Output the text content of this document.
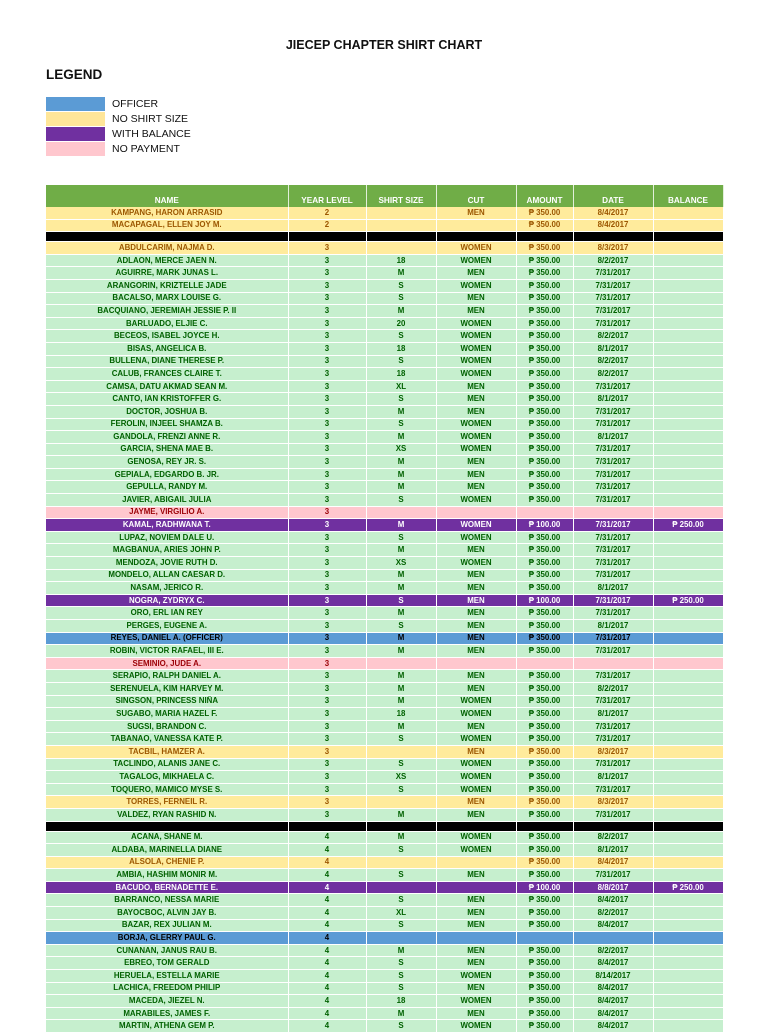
JIECEP CHAPTER SHIRT CHART
LEGEND
OFFICER
NO SHIRT SIZE
WITH BALANCE
NO PAYMENT
NAME	YEAR LEVEL	SHIRT SIZE	CUT	AMOUNT	DATE	BALANCE
KAMPANG, HARON ARRASID	2		MEN	₱ 350.00	8/4/2017	
MACAPAGAL, ELLEN JOY M.	2			₱ 350.00	8/4/2017	

ABDULCARIM, NAJMA D.	3		WOMEN	₱ 350.00	8/3/2017	
ADLAON, MERCE JAEN N.	3	18	WOMEN	₱ 350.00	8/2/2017	
AGUIRRE, MARK JUNAS L.	3	M	MEN	₱ 350.00	7/31/2017	
ARANGORIN, KRIZTELLE JADE	3	S	WOMEN	₱ 350.00	7/31/2017	
BACALSO, MARX LOUISE G.	3	S	MEN	₱ 350.00	7/31/2017	
BACQUIANO, JEREMIAH JESSIE P. II	3	M	MEN	₱ 350.00	7/31/2017	
BARLUADO, ELJIE C.	3	20	WOMEN	₱ 350.00	7/31/2017	
BECEOS, ISABEL JOYCE H.	3	S	WOMEN	₱ 350.00	8/2/2017	
BISAS, ANGELICA B.	3	18	WOMEN	₱ 350.00	8/1/2017	
BULLENA, DIANE THERESE P.	3	S	WOMEN	₱ 350.00	8/2/2017	
CALUB, FRANCES CLAIRE T.	3	18	WOMEN	₱ 350.00	8/2/2017	
CAMSA, DATU AKMAD SEAN M.	3	XL	MEN	₱ 350.00	7/31/2017	
CANTO, IAN KRISTOFFER G.	3	S	MEN	₱ 350.00	8/1/2017	
DOCTOR, JOSHUA B.	3	M	MEN	₱ 350.00	7/31/2017	
FEROLIN, INJEEL SHAMZA B.	3	S	WOMEN	₱ 350.00	7/31/2017	
GANDOLA, FRENZI ANNE R.	3	M	WOMEN	₱ 350.00	8/1/2017	
GARCIA, SHENA MAE B.	3	XS	WOMEN	₱ 350.00	7/31/2017	
GENOSA, REY JR. S.	3	M	MEN	₱ 350.00	7/31/2017	
GEPIALA, EDGARDO B. JR.	3	M	MEN	₱ 350.00	7/31/2017	
GEPULLA, RANDY M.	3	M	MEN	₱ 350.00	7/31/2017	
JAVIER, ABIGAIL JULIA	3	S	WOMEN	₱ 350.00	7/31/2017	
JAYME, VIRGILIO A.	3					
KAMAL, RADHWANA T.	3	M	WOMEN	₱ 100.00	7/31/2017	₱ 250.00
LUPAZ, NOVIEM DALE U.	3	S	WOMEN	₱ 350.00	7/31/2017	
MAGBANUA, ARIES JOHN P.	3	M	MEN	₱ 350.00	7/31/2017	
MENDOZA, JOVIE RUTH D.	3	XS	WOMEN	₱ 350.00	7/31/2017	
MONDELO, ALLAN CAESAR D.	3	M	MEN	₱ 350.00	7/31/2017	
NASAM, JERICO R.	3	M	MEN	₱ 350.00	8/1/2017	
NOGRA, ZYDRYX C.	3	S	MEN	₱ 100.00	7/31/2017	₱ 250.00
ORO, ERL IAN REY	3	M	MEN	₱ 350.00	7/31/2017	
PERGES, EUGENE A.	3	S	MEN	₱ 350.00	8/1/2017	
REYES, DANIEL A. (OFFICER)	3	M	MEN	₱ 350.00	7/31/2017	
ROBIN, VICTOR RAFAEL, III E.	3	M	MEN	₱ 350.00	7/31/2017	
SEMINIO, JUDE A.	3					
SERAPIO, RALPH DANIEL A.	3	M	MEN	₱ 350.00	7/31/2017	
SERENUELA, KIM HARVEY M.	3	M	MEN	₱ 350.00	8/2/2017	
SINGSON, PRINCESS NIÑA	3	M	WOMEN	₱ 350.00	7/31/2017	
SUGABO, MARIA HAZEL F.	3	18	WOMEN	₱ 350.00	8/1/2017	
SUGSI, BRANDON C.	3	M	MEN	₱ 350.00	7/31/2017	
TABANAO, VANESSA KATE P.	3	S	WOMEN	₱ 350.00	7/31/2017	
TACBIL, HAMZER A.	3		MEN	₱ 350.00	8/3/2017	
TACLINDO, ALANIS JANE C.	3	S	WOMEN	₱ 350.00	7/31/2017	
TAGALOG, MIKHAELA C.	3	XS	WOMEN	₱ 350.00	8/1/2017	
TOQUERO, MAMICO MYSE S.	3	S	WOMEN	₱ 350.00	7/31/2017	
TORRES, FERNEIL R.	3		MEN	₱ 350.00	8/3/2017	
VALDEZ, RYAN RASHID N.	3	M	MEN	₱ 350.00	7/31/2017	

ACANA, SHANE M.	4	M	WOMEN	₱ 350.00	8/2/2017	
ALDABA, MARINELLA DIANE	4	S	WOMEN	₱ 350.00	8/1/2017	
ALSOLA, CHENIE P.	4			₱ 350.00	8/4/2017	
AMBIA, HASHIM MONIR M.	4	S	MEN	₱ 350.00	7/31/2017	
BACUDO, BERNADETTE E.	4			₱ 100.00	8/8/2017	₱ 250.00
BARRANCO, NESSA MARIE	4	S	MEN	₱ 350.00	8/4/2017	
BAYOCBOC, ALVIN JAY B.	4	XL	MEN	₱ 350.00	8/2/2017	
BAZAR, REX JULIAN M.	4	S	MEN	₱ 350.00	8/4/2017	
BORJA, GLERRY PAUL G.	4					
CUNANAN, JANUS RAU B.	4	M	MEN	₱ 350.00	8/2/2017	
EBREO, TOM GERALD	4	S	MEN	₱ 350.00	8/4/2017	
HERUELA, ESTELLA MARIE	4	S	WOMEN	₱ 350.00	8/14/2017	
LACHICA, FREEDOM PHILIP	4	S	MEN	₱ 350.00	8/4/2017	
MACEDA, JIEZEL N.	4	18	WOMEN	₱ 350.00	8/4/2017	
MARABILES, JAMES F.	4	M	MEN	₱ 350.00	8/4/2017	
MARTIN, ATHENA GEM P.	4	S	WOMEN	₱ 350.00	8/4/2017	
